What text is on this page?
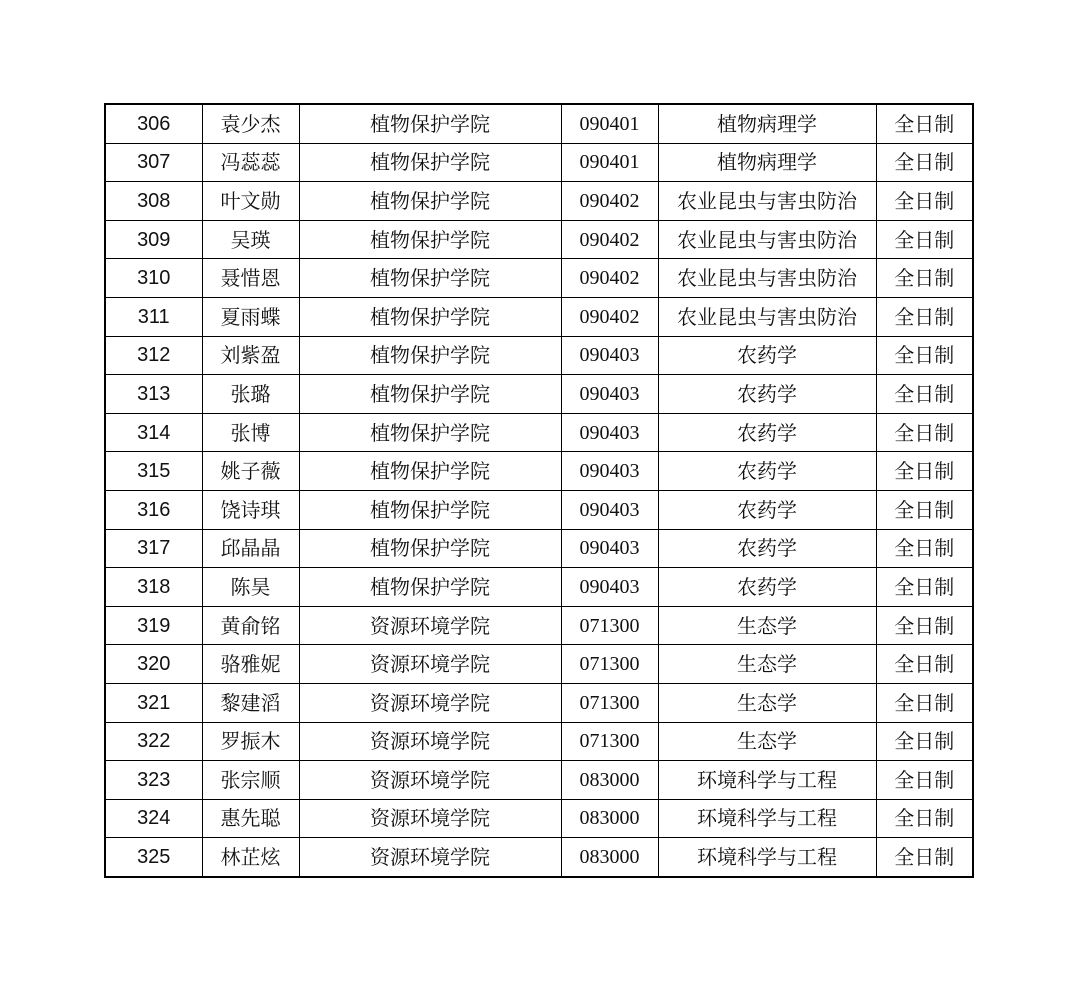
306	袁少杰	植物保护学院	090401	植物病理学	全日制
307	冯蕊蕊	植物保护学院	090401	植物病理学	全日制
308	叶文勋	植物保护学院	090402	农业昆虫与害虫防治	全日制
309	吴瑛	植物保护学院	090402	农业昆虫与害虫防治	全日制
310	聂惜恩	植物保护学院	090402	农业昆虫与害虫防治	全日制
311	夏雨蝶	植物保护学院	090402	农业昆虫与害虫防治	全日制
312	刘紫盈	植物保护学院	090403	农药学	全日制
313	张璐	植物保护学院	090403	农药学	全日制
314	张博	植物保护学院	090403	农药学	全日制
315	姚子薇	植物保护学院	090403	农药学	全日制
316	饶诗琪	植物保护学院	090403	农药学	全日制
317	邱晶晶	植物保护学院	090403	农药学	全日制
318	陈昊	植物保护学院	090403	农药学	全日制
319	黄俞铭	资源环境学院	071300	生态学	全日制
320	骆雅妮	资源环境学院	071300	生态学	全日制
321	黎建滔	资源环境学院	071300	生态学	全日制
322	罗振木	资源环境学院	071300	生态学	全日制
323	张宗顺	资源环境学院	083000	环境科学与工程	全日制
324	惠先聪	资源环境学院	083000	环境科学与工程	全日制
325	林芷炫	资源环境学院	083000	环境科学与工程	全日制
